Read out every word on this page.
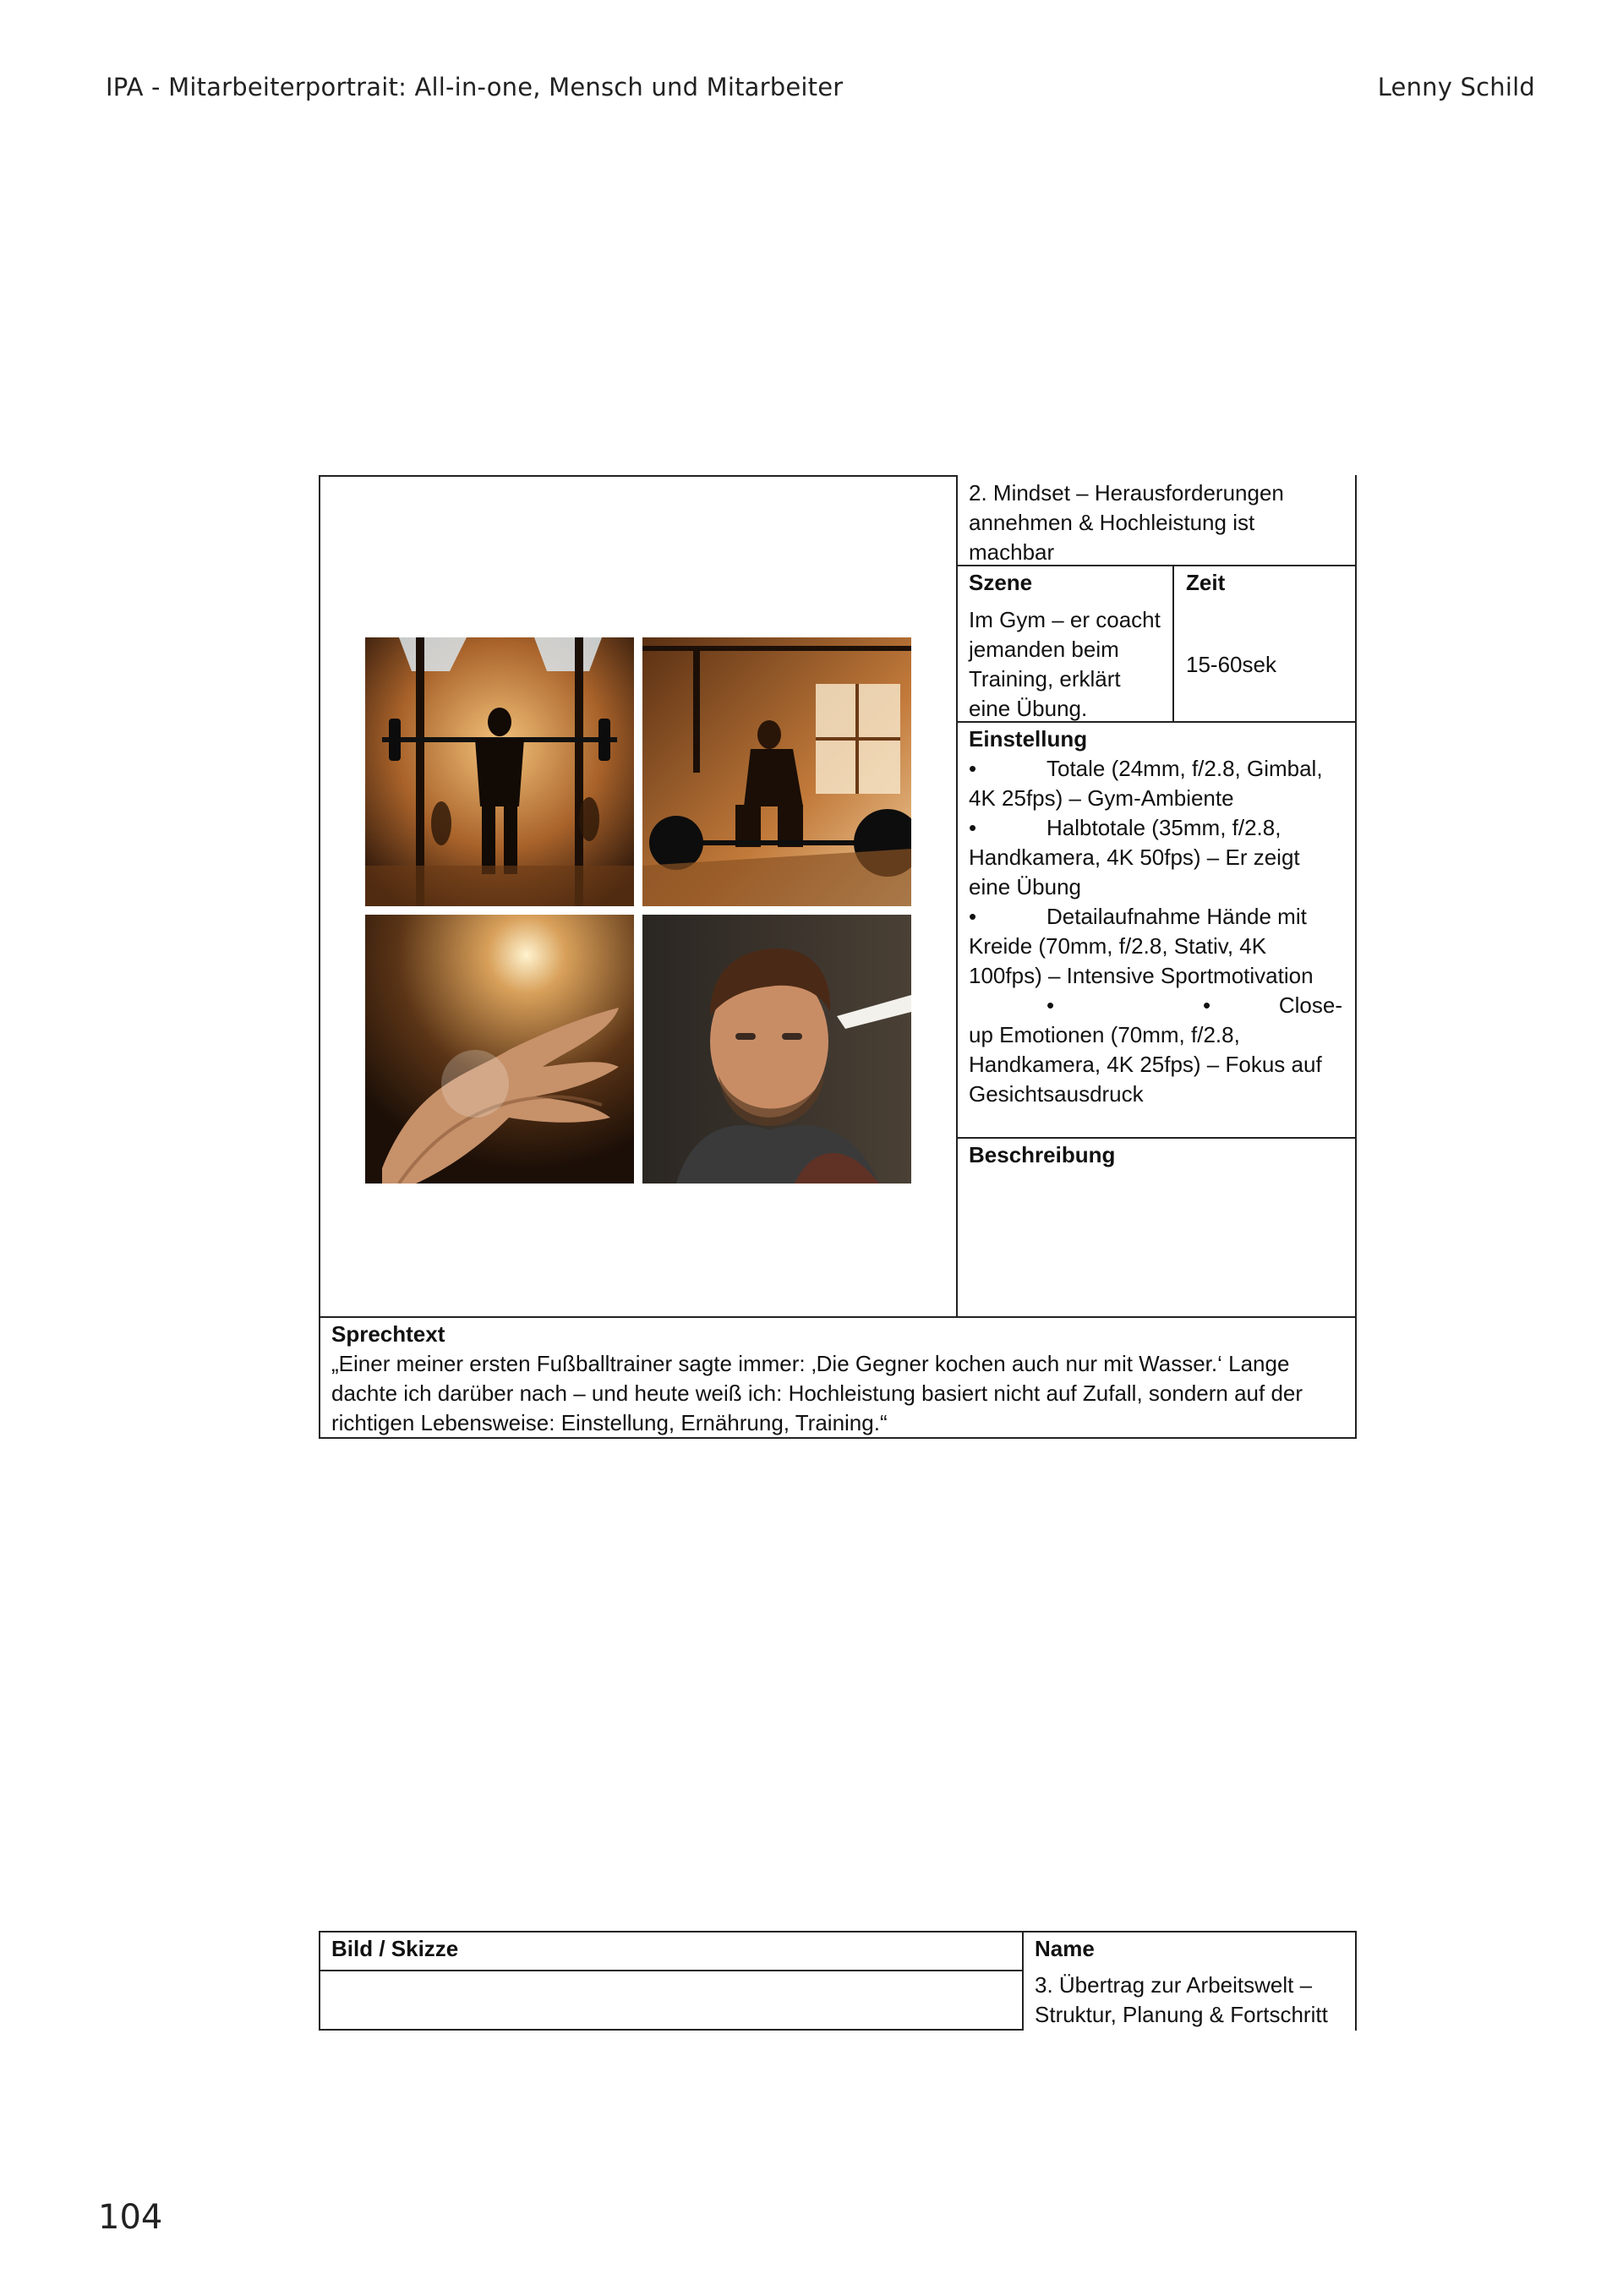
IPA - Mitarbeiterportrait: All-in-one, Mensch und Mitarbeiter	Lenny Schild
2. Mindset – Herausforderungen annehmen & Hochleistung ist machbar
Szene
Im Gym – er coacht jemanden beim Training, erklärt eine Übung.
Zeit
15-60sek
Einstellung
•	Totale (24mm, f/2.8, Gimbal, 4K 25fps) – Gym-Ambiente
•	Halbtotale (35mm, f/2.8, Handkamera, 4K 50fps) – Er zeigt eine Übung
•	Detailaufnahme Hände mit Kreide (70mm, f/2.8, Stativ, 4K 100fps) – Intensive Sportmotivation
•	•	Close-
up Emotionen (70mm, f/2.8, Handkamera, 4K 25fps) – Fokus auf Gesichtsausdruck
Beschreibung
Sprechtext
„Einer meiner ersten Fußballtrainer sagte immer: ‚Die Gegner kochen auch nur mit Wasser.‘ Lange dachte ich darüber nach – und heute weiß ich: Hochleistung basiert nicht auf Zufall, sondern auf der richtigen Lebensweise: Einstellung, Ernährung, Training.“
Bild / Skizze	Name
3. Übertrag zur Arbeitswelt – Struktur, Planung & Fortschritt
104
